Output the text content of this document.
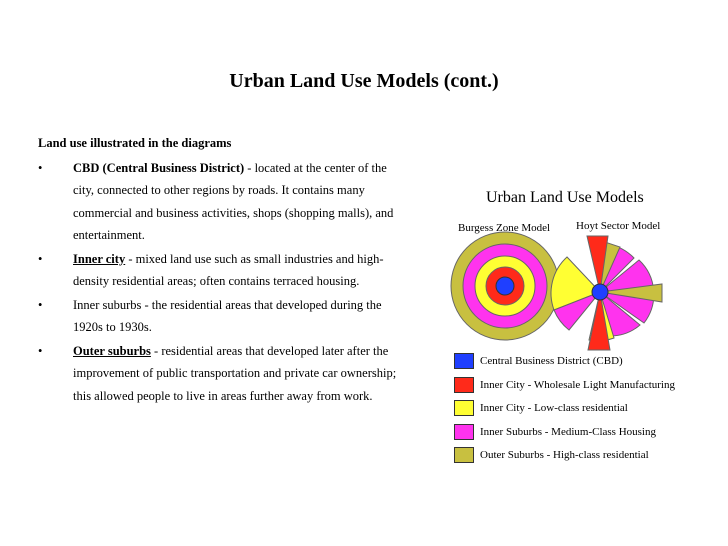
Urban Land Use Models (cont.)
Land use illustrated in the diagrams
• CBD (Central Business District) - located at the center of the city, connected to other regions by roads. It contains many commercial and business activities, shops (shopping malls), and entertainment.
• Inner city - mixed land use such as small industries and high-density residential areas; often contains terraced housing.
• Inner suburbs - the residential areas that developed during the 1920s to 1930s.
• Outer suburbs - residential areas that developed later after the improvement of public transportation and private car ownership; this allowed people to live in areas further away from work.
Urban Land Use Models
Burgess Zone Model Hoyt Sector Model
Central Business District (CBD)
Inner City - Wholesale Light Manufacturing
Inner City - Low-class residential
Inner Suburbs - Medium-Class Housing
Outer Suburbs - High-class residential
